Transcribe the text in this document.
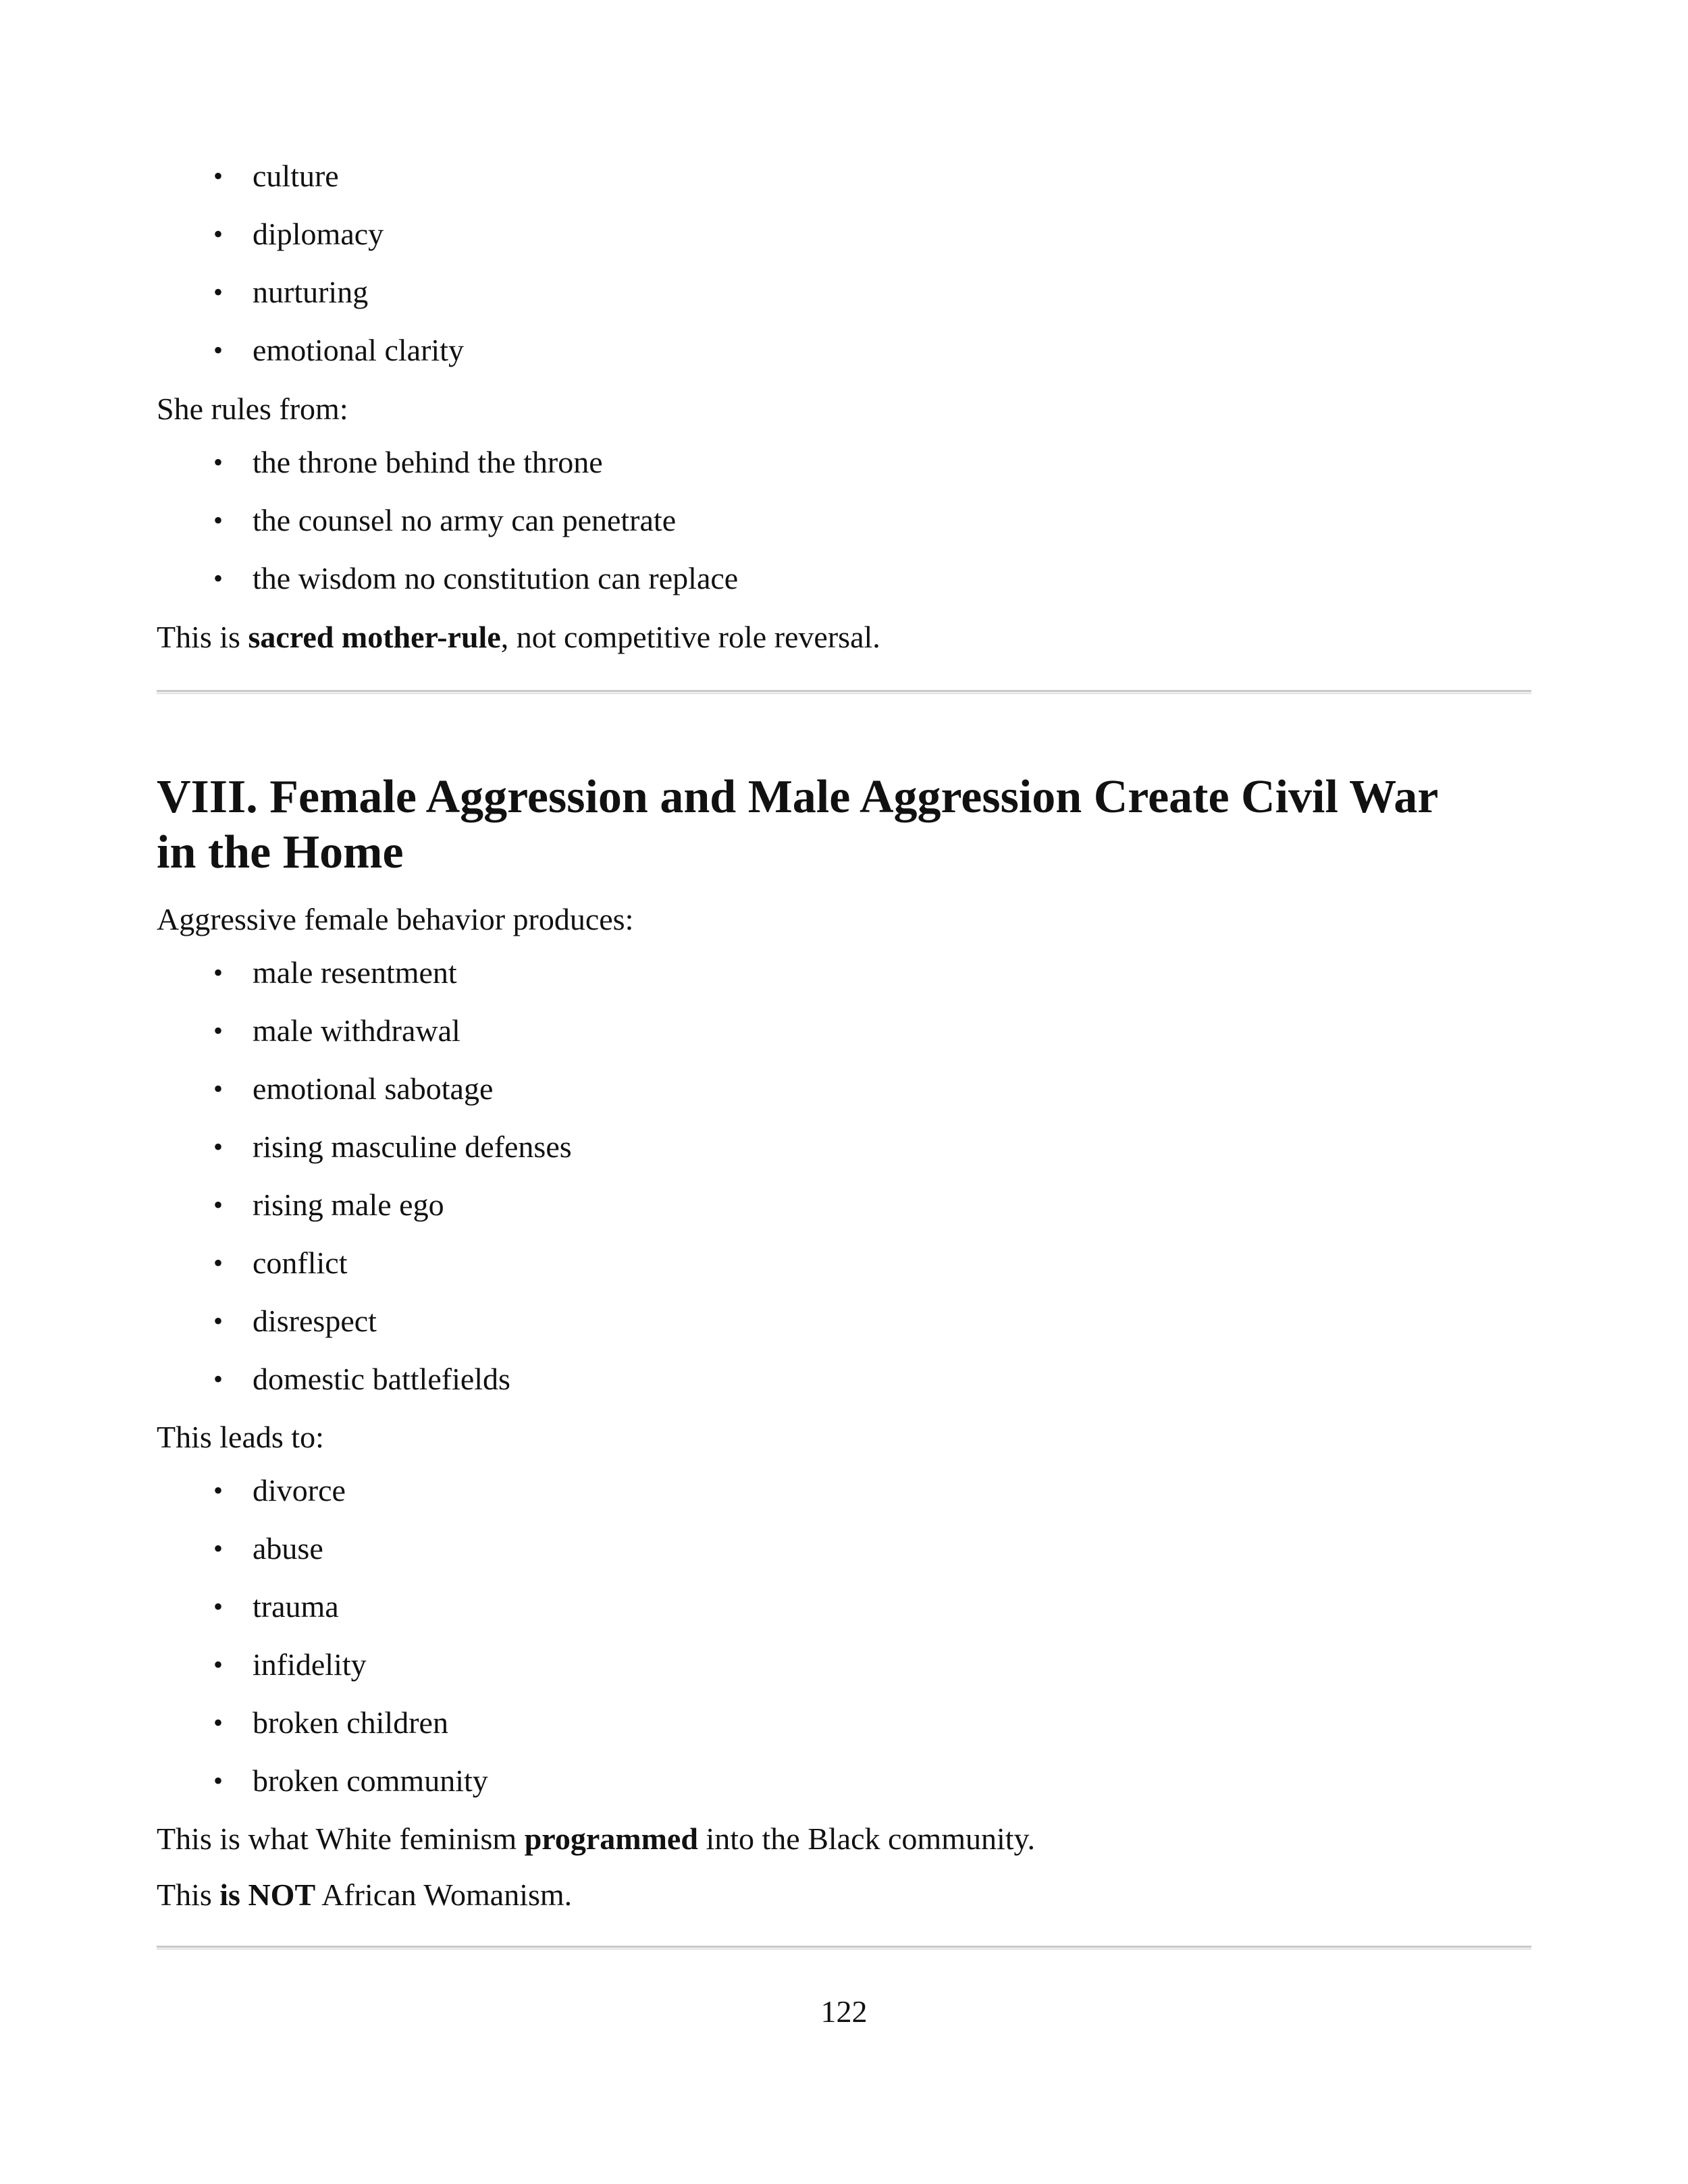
• culture
• diplomacy
• nurturing
• emotional clarity
She rules from:
• the throne behind the throne
• the counsel no army can penetrate
• the wisdom no constitution can replace
This is sacred mother-rule, not competitive role reversal.
VIII. Female Aggression and Male Aggression Create Civil War
in the Home
Aggressive female behavior produces:
• male resentment
• male withdrawal
• emotional sabotage
• rising masculine defenses
• rising male ego
• conflict
• disrespect
• domestic battlefields
This leads to:
• divorce
• abuse
• trauma
• infidelity
• broken children
• broken community
This is what White feminism programmed into the Black community.
This is NOT African Womanism.
122
